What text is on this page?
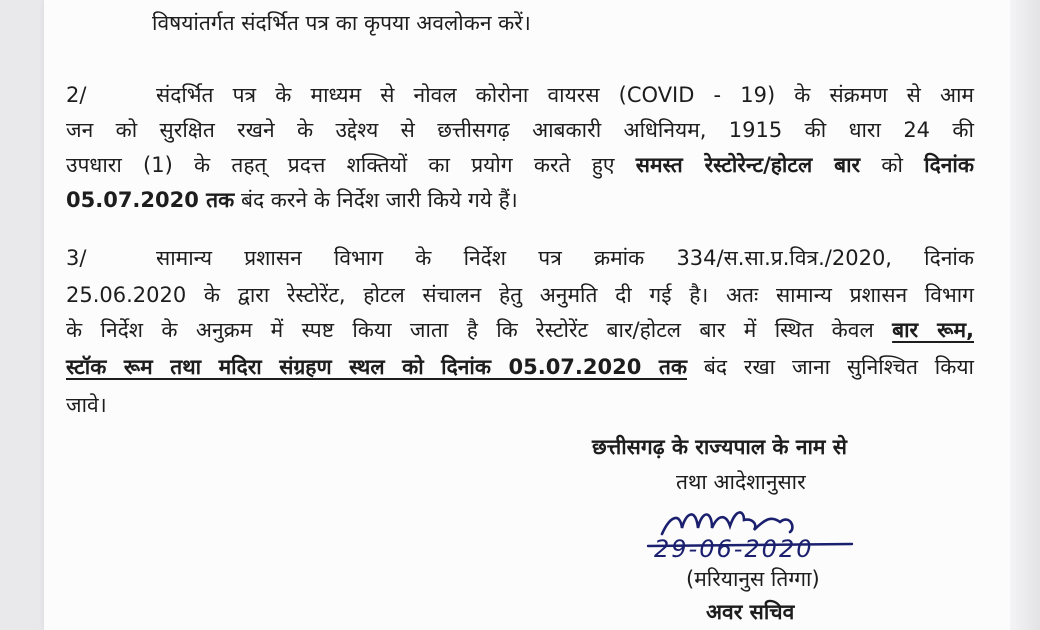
विषयांतर्गत संदर्भित पत्र का कृपया अवलोकन करें।
2/	संदर्भित पत्र के माध्यम से नोवल कोरोना वायरस (COVID - 19) के संक्रमण से आम
जन को सुरक्षित रखने के उद्देश्य से छत्तीसगढ़ आबकारी अधिनियम, 1915 की धारा 24 की
उपधारा (1) के तहत् प्रदत्त शक्तियों का प्रयोग करते हुए समस्त रेस्टोरेन्ट/होटल बार को दिनांक
05.07.2020 तक बंद करने के निर्देश जारी किये गये हैं।
3/	सामान्य प्रशासन विभाग के निर्देश पत्र क्रमांक 334/स.सा.प्र.वित्र./2020, दिनांक
25.06.2020 के द्वारा रेस्टोरेंट, होटल संचालन हेतु अनुमति दी गई है। अतः सामान्य प्रशासन विभाग
के निर्देश के अनुक्रम में स्पष्ट किया जाता है कि रेस्टोरेंट बार/होटल बार में स्थित केवल बार रूम,
स्टॉक रूम तथा मदिरा संग्रहण स्थल को दिनांक 05.07.2020 तक बंद रखा जाना सुनिश्चित किया
जावे।
छत्तीसगढ़ के राज्यपाल के नाम से
तथा आदेशानुसार
29-06-2020
(मरियानुस तिग्गा)
अवर सचिव
